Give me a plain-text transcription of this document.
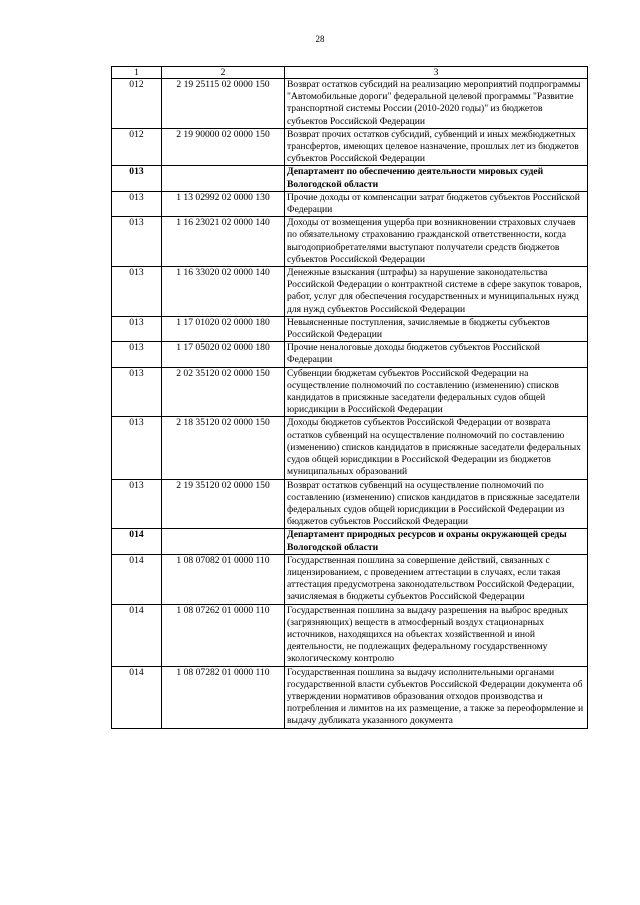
28
1	2	3
012	2 19 25115 02 0000 150	Возврат остатков субсидий на реализацию мероприятий подпрограммы "Автомобильные дороги" федеральной целевой программы "Развитие транспортной системы России (2010-2020 годы)" из бюджетов субъектов Российской Федерации
012	2 19 90000 02 0000 150	Возврат прочих остатков субсидий, субвенций и иных межбюджетных трансфертов, имеющих целевое назначение, прошлых лет из бюджетов субъектов Российской Федерации
013		Департамент по обеспечению деятельности мировых судей Вологодской области
013	1 13 02992 02 0000 130	Прочие доходы от компенсации затрат бюджетов субъектов Российской Федерации
013	1 16 23021 02 0000 140	Доходы от возмещения ущерба при возникновении страховых случаев по обязательному страхованию гражданской ответственности, когда выгодоприобретателями выступают получатели средств бюджетов субъектов Российской Федерации
013	1 16 33020 02 0000 140	Денежные взыскания (штрафы) за нарушение законодательства Российской Федерации о контрактной системе в сфере закупок товаров, работ, услуг для обеспечения государственных и муниципальных нужд для нужд субъектов Российской Федерации
013	1 17 01020 02 0000 180	Невыясненные поступления, зачисляемые в бюджеты субъектов Российской Федерации
013	1 17 05020 02 0000 180	Прочие неналоговые доходы бюджетов субъектов Российской Федерации
013	2 02 35120 02 0000 150	Субвенции бюджетам субъектов Российской Федерации на осуществление полномочий по составлению (изменению) списков кандидатов в присяжные заседатели федеральных судов общей юрисдикции в Российской Федерации
013	2 18 35120 02 0000 150	Доходы бюджетов субъектов Российской Федерации от возврата остатков субвенций на осуществление полномочий по составлению (изменению) списков кандидатов в присяжные заседатели федеральных судов общей юрисдикции в Российской Федерации из бюджетов муниципальных образований
013	2 19 35120 02 0000 150	Возврат остатков субвенций на осуществление полномочий по составлению (изменению) списков кандидатов в присяжные заседатели федеральных судов общей юрисдикции в Российской Федерации из бюджетов субъектов Российской Федерации
014		Департамент природных ресурсов и охраны окружающей среды Вологодской области
014	1 08 07082 01 0000 110	Государственная пошлина за совершение действий, связанных с лицензированием, с проведением аттестации в случаях, если такая аттестация предусмотрена законодательством Российской Федерации, зачисляемая в бюджеты субъектов Российской Федерации
014	1 08 07262 01 0000 110	Государственная пошлина за выдачу разрешения на выброс вредных (загрязняющих) веществ в атмосферный воздух стационарных источников, находящихся на объектах хозяйственной и иной деятельности, не подлежащих федеральному государственному экологическому контролю
014	1 08 07282 01 0000 110	Государственная пошлина за выдачу исполнительными органами государственной власти субъектов Российской Федерации документа об утверждении нормативов образования отходов производства и потребления и лимитов на их размещение, а также за переоформление и выдачу дубликата указанного документа
